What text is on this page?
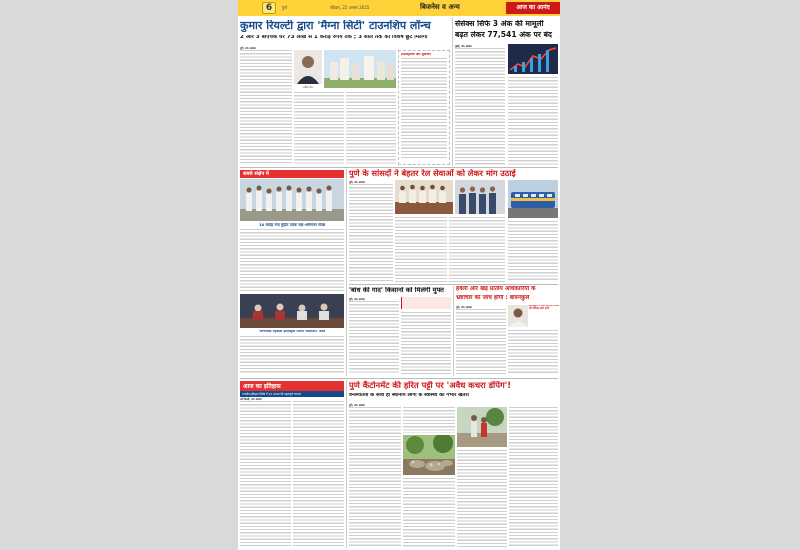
6	पुणे	रविवार, 22 अगस्त 2025	बिजनेस व अन्य	आज का आनंद
कुमार रियल्टी द्वारा 'मैग्ना सिटी' टाउनशिप लॉन्च
2 और 3 बीएचके घर 73 लाख से 1 करोड़ रुपये तक ; 3 साल तक की विशेष छूट मिलेगी
पुणे, 21 अगस्त
ललित जैन
इन्फ्रास्ट्रक्चर और सुविधाएं
सेंसेक्स सिर्फ 3 अंक की मामूली
बढ़त लेकर 77,541 अंक पर बंद
मुंबई, 21 अगस्त
सबसे संक्षेप में
10 करोड़ नया मुद्रित पत्रक नहा-अभियान संपन्न
'विश्लेषक एहसास इलेक्ट्रिक फिल्म फेस्टिवल' आज
पुणे के सांसदों ने बेहतर रेल सेवाओं को लेकर मांग उठाई
पुणे, 21 अगस्त
'बांध की गाद' किसानों को मिलेगी मुफ्त
पुणे, 21 अगस्त
हवेली और खेड़ प्रांतीय अधिकारियों के
भ्रष्टाचार की जांच होगी : बावनकुले
पुणे, 21 अगस्त
बावनकुले ने कहा कि इस मामले की निष्पक्ष जांच होगी
आज का इतिहास
भारतीय इतिहास विशेष में 22 अगस्त की महत्वपूर्ण घटनाएं
नई दिल्ली, 21 अगस्त
पुणे कैंटोनमेंट की हरित पट्टी पर 'अवैध कचरा डंपिंग'!
वनस्पतियों के साथ ही स्थानीय लोगों के स्वास्थ्य को गंभीर खतरा
पुणे, 21 अगस्त
